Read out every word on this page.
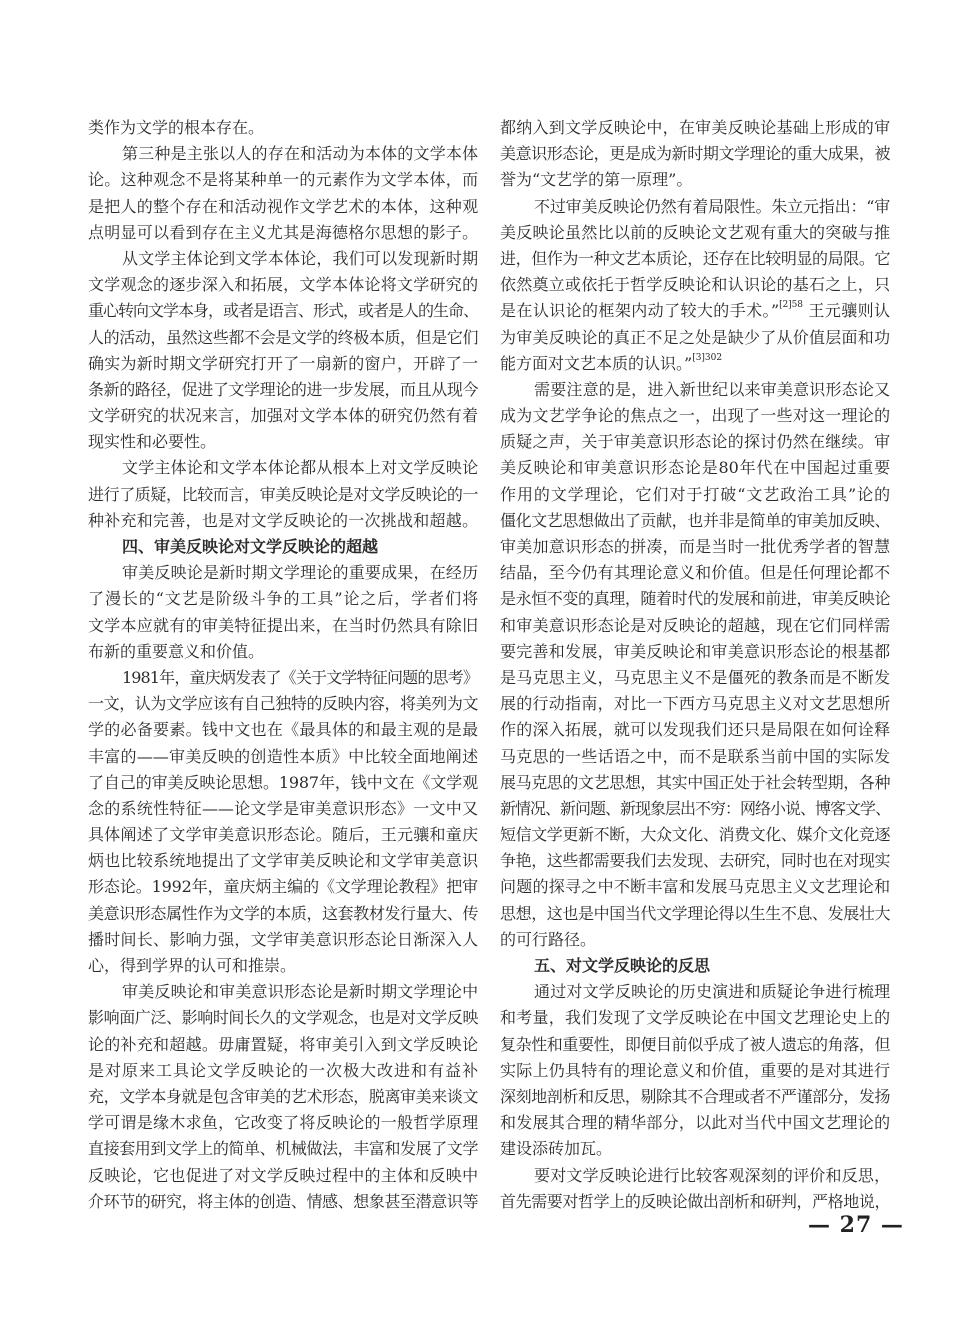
类作为文学的根本存在。
第三种是主张以人的存在和活动为本体的文学本体
论。这种观念不是将某种单一的元素作为文学本体，而
是把人的整个存在和活动视作文学艺术的本体，这种观
点明显可以看到存在主义尤其是海德格尔思想的影子。
从文学主体论到文学本体论，我们可以发现新时期
文学观念的逐步深入和拓展，文学本体论将文学研究的
重心转向文学本身，或者是语言、形式，或者是人的生命、
人的活动，虽然这些都不会是文学的终极本质，但是它们
确实为新时期文学研究打开了一扇新的窗户，开辟了一
条新的路径，促进了文学理论的进一步发展，而且从现今
文学研究的状况来言，加强对文学本体的研究仍然有着
现实性和必要性。
文学主体论和文学本体论都从根本上对文学反映论
进行了质疑，比较而言，审美反映论是对文学反映论的一
种补充和完善，也是对文学反映论的一次挑战和超越。
四、审美反映论对文学反映论的超越
审美反映论是新时期文学理论的重要成果，在经历
了漫长的“文艺是阶级斗争的工具”论之后，学者们将
文学本应就有的审美特征提出来，在当时仍然具有除旧
布新的重要意义和价值。
1981年，童庆炳发表了《关于文学特征问题的思考》
一文，认为文学应该有自己独特的反映内容，将美列为文
学的必备要素。钱中文也在《最具体的和最主观的是最
丰富的——审美反映的创造性本质》中比较全面地阐述
了自己的审美反映论思想。1987年，钱中文在《文学观
念的系统性特征——论文学是审美意识形态》一文中又
具体阐述了文学审美意识形态论。随后，王元骧和童庆
炳也比较系统地提出了文学审美反映论和文学审美意识
形态论。1992年，童庆炳主编的《文学理论教程》把审
美意识形态属性作为文学的本质，这套教材发行量大、传
播时间长、影响力强，文学审美意识形态论日渐深入人
心，得到学界的认可和推崇。
审美反映论和审美意识形态论是新时期文学理论中
影响面广泛、影响时间长久的文学观念，也是对文学反映
论的补充和超越。毋庸置疑，将审美引入到文学反映论
是对原来工具论文学反映论的一次极大改进和有益补
充，文学本身就是包含审美的艺术形态，脱离审美来谈文
学可谓是缘木求鱼，它改变了将反映论的一般哲学原理
直接套用到文学上的简单、机械做法，丰富和发展了文学
反映论，它也促进了对文学反映过程中的主体和反映中
介环节的研究，将主体的创造、情感、想象甚至潜意识等
都纳入到文学反映论中，在审美反映论基础上形成的审
美意识形态论，更是成为新时期文学理论的重大成果，被
誉为“文艺学的第一原理”。
不过审美反映论仍然有着局限性。朱立元指出：“审
美反映论虽然比以前的反映论文艺观有重大的突破与推
进，但作为一种文艺本质论，还存在比较明显的局限。它
依然奠立或依托于哲学反映论和认识论的基石之上，只
是在认识论的框架内动了较大的手术。”$^{[2]58}$ 王元骧则认
为审美反映论的真正不足之处是缺少了从价值层面和功
能方面对文艺本质的认识。”$^{[3]302}$
需要注意的是，进入新世纪以来审美意识形态论又
成为文艺学争论的焦点之一，出现了一些对这一理论的
质疑之声，关于审美意识形态论的探讨仍然在继续。审
美反映论和审美意识形态论是80年代在中国起过重要
作用的文学理论，它们对于打破“文艺政治工具”论的
僵化文艺思想做出了贡献，也并非是简单的审美加反映、
审美加意识形态的拼凑，而是当时一批优秀学者的智慧
结晶，至今仍有其理论意义和价值。但是任何理论都不
是永恒不变的真理，随着时代的发展和前进，审美反映论
和审美意识形态论是对反映论的超越，现在它们同样需
要完善和发展，审美反映论和审美意识形态论的根基都
是马克思主义，马克思主义不是僵死的教条而是不断发
展的行动指南，对比一下西方马克思主义对文艺思想所
作的深入拓展，就可以发现我们还只是局限在如何诠释
马克思的一些话语之中，而不是联系当前中国的实际发
展马克思的文艺思想，其实中国正处于社会转型期，各种
新情况、新问题、新现象层出不穷：网络小说、博客文学、
短信文学更新不断，大众文化、消费文化、媒介文化竞逐
争艳，这些都需要我们去发现、去研究，同时也在对现实
问题的探寻之中不断丰富和发展马克思主义文艺理论和
思想，这也是中国当代文学理论得以生生不息、发展壮大
的可行路径。
五、对文学反映论的反思
通过对文学反映论的历史演进和质疑论争进行梳理
和考量，我们发现了文学反映论在中国文艺理论史上的
复杂性和重要性，即便目前似乎成了被人遗忘的角落，但
实际上仍具特有的理论意义和价值，重要的是对其进行
深刻地剖析和反思，剔除其不合理或者不严谨部分，发扬
和发展其合理的精华部分，以此对当代中国文艺理论的
建设添砖加瓦。
要对文学反映论进行比较客观深刻的评价和反思，
首先需要对哲学上的反映论做出剖析和研判，严格地说，
— 27 —
